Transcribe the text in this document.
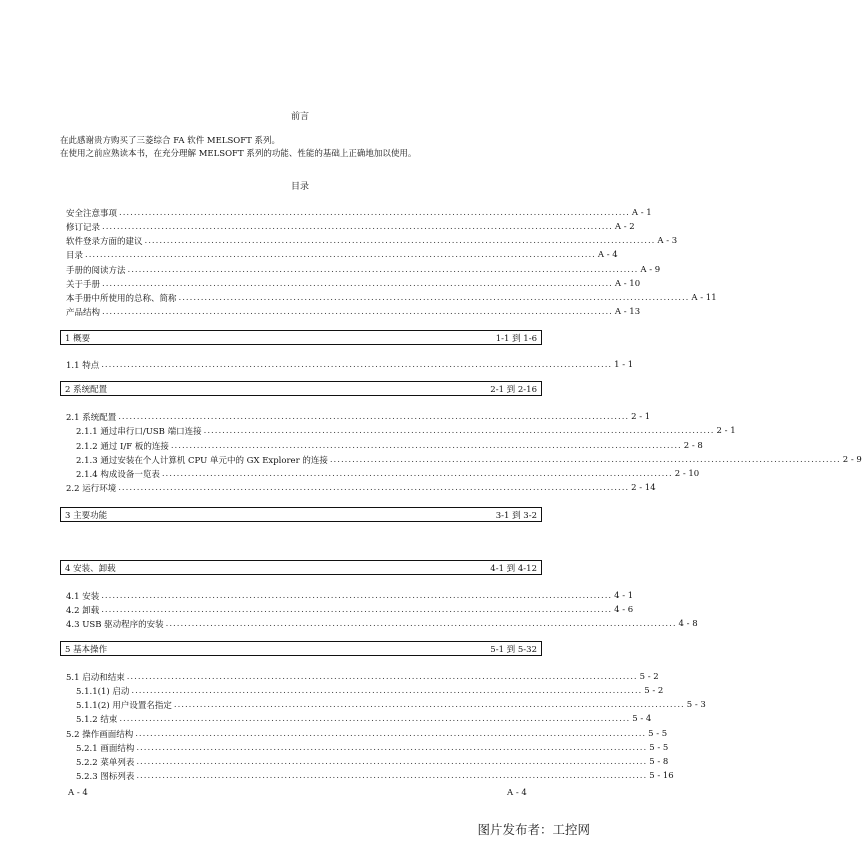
前言
在此感谢贵方购买了三菱综合 FA 软件 MELSOFT 系列。
在使用之前应熟读本书，在充分理解 MELSOFT 系列的功能、性能的基础上正确地加以使用。
目录
安全注意事项 .......................................................................................................................................... A - 1
修订记录 .......................................................................................................................................... A - 2
软件登录方面的建议 .......................................................................................................................................... A - 3
目录 .......................................................................................................................................... A - 4
手册的阅读方法 .......................................................................................................................................... A - 9
关于手册 .......................................................................................................................................... A - 10
本手册中所使用的总称、简称 .......................................................................................................................................... A - 11
产品结构 .......................................................................................................................................... A - 13
1 概要	1-1 到 1-6
1.1 特点 .......................................................................................................................................... 1 - 1
2 系统配置	2-1 到 2-16
2.1 系统配置 .......................................................................................................................................... 2 - 1
2.1.1 通过串行口/USB 端口连接 .......................................................................................................................................... 2 - 1
2.1.2 通过 I/F 板的连接 .......................................................................................................................................... 2 - 8
2.1.3 通过安装在个人计算机 CPU 单元中的 GX Explorer 的连接 .......................................................................................................................................... 2 - 9
2.1.4 构成设备一览表 .......................................................................................................................................... 2 - 10
2.2 运行环境 .......................................................................................................................................... 2 - 14
3 主要功能	3-1 到 3-2
4 安装、卸载	4-1 到 4-12
4.1 安装 .......................................................................................................................................... 4 - 1
4.2 卸载 .......................................................................................................................................... 4 - 6
4.3 USB 驱动程序的安装 .......................................................................................................................................... 4 - 8
5 基本操作	5-1 到 5-32
5.1 启动和结束 .......................................................................................................................................... 5 - 2
5.1.1(1) 启动 .......................................................................................................................................... 5 - 2
5.1.1(2) 用户设置名指定 .......................................................................................................................................... 5 - 3
5.1.2 结束 .......................................................................................................................................... 5 - 4
5.2 操作画面结构 .......................................................................................................................................... 5 - 5
5.2.1 画面结构 .......................................................................................................................................... 5 - 5
5.2.2 菜单列表 .......................................................................................................................................... 5 - 8
5.2.3 图标列表 .......................................................................................................................................... 5 - 16
A - 4	A - 4
图片发布者：工控网
